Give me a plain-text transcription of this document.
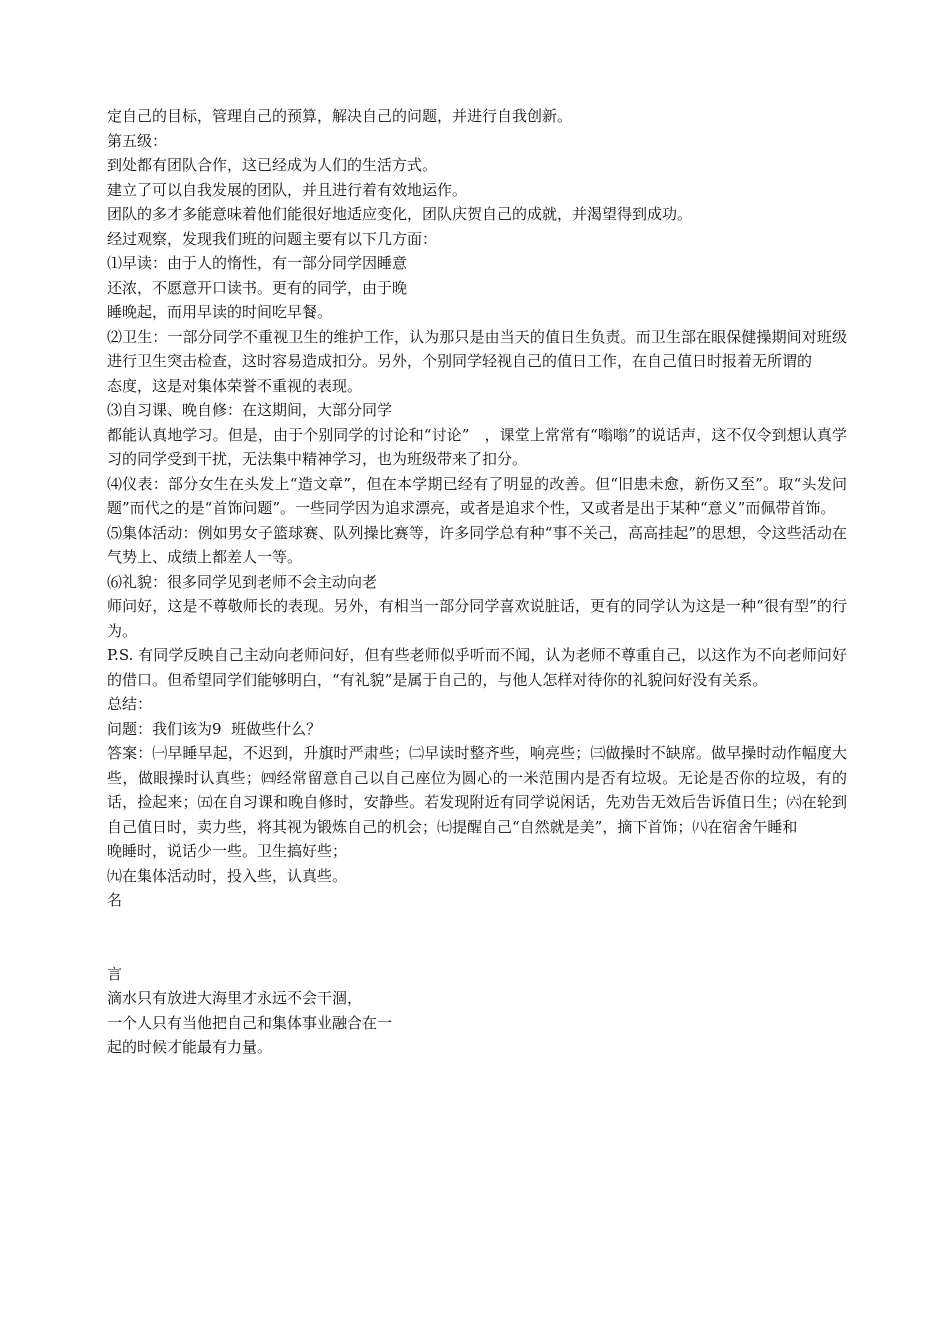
定自己的目标，管理自己的预算，解决自己的问题，并进行自我创新。

第五级：

到处都有团队合作，这已经成为人们的生活方式。

建立了可以自我发展的团队，并且进行着有效地运作。

团队的多才多能意味着他们能很好地适应变化，团队庆贺自己的成就，并渴望得到成功。

经过观察，发现我们班的问题主要有以下几方面：

⑴早读：由于人的惰性，有一部分同学因睡意

还浓，不愿意开口读书。更有的同学，由于晚

睡晚起，而用早读的时间吃早餐。

⑵卫生：一部分同学不重视卫生的维护工作，认为那只是由当天的值日生负责。而卫生部在眼保健操期间对班级进行卫生突击检查，这时容易造成扣分。另外，个别同学轻视自己的值日工作，在自己值日时报着无所谓的

态度，这是对集体荣誉不重视的表现。

⑶自习课、晚自修：在这期间，大部分同学

都能认真地学习。但是，由于个别同学的讨论和“讨论”　，课堂上常常有“嗡嗡”的说话声，这不仅令到想认真学习的同学受到干扰，无法集中精神学习，也为班级带来了扣分。

⑷仪表：部分女生在头发上“造文章”，但在本学期已经有了明显的改善。但“旧患未愈，新伤又至”。取“头发问题”而代之的是“首饰问题”。一些同学因为追求漂亮，或者是追求个性，又或者是出于某种“意义”而佩带首饰。

⑸集体活动：例如男女子篮球赛、队列操比赛等，许多同学总有种“事不关己，高高挂起”的思想，令这些活动在气势上、成绩上都差人一等。

⑹礼貌：很多同学见到老师不会主动向老

师问好，这是不尊敬师长的表现。另外，有相当一部分同学喜欢说脏话，更有的同学认为这是一种“很有型”的行为。

P.S. 有同学反映自己主动向老师问好，但有些老师似乎听而不闻，认为老师不尊重自己，以这作为不向老师问好的借口。但希望同学们能够明白，“有礼貌”是属于自己的，与他人怎样对待你的礼貌问好没有关系。

总结：

问题：我们该为9  班做些什么？

答案：㈠早睡早起，不迟到，升旗时严肃些；㈡早读时整齐些，响亮些；㈢做操时不缺席。做早操时动作幅度大些，做眼操时认真些；㈣经常留意自己以自己座位为圆心的一米范围内是否有垃圾。无论是否你的垃圾，有的话，捡起来；㈤在自习课和晚自修时，安静些。若发现附近有同学说闲话，先劝告无效后告诉值日生；㈥在轮到自己值日时，卖力些，将其视为锻炼自己的机会；㈦提醒自己“自然就是美”，摘下首饰；㈧在宿舍午睡和

晚睡时，说话少一些。卫生搞好些；

㈨在集体活动时，投入些，认真些。

名

言

滴水只有放进大海里才永远不会干涸，

一个人只有当他把自己和集体事业融合在一

起的时候才能最有力量。
